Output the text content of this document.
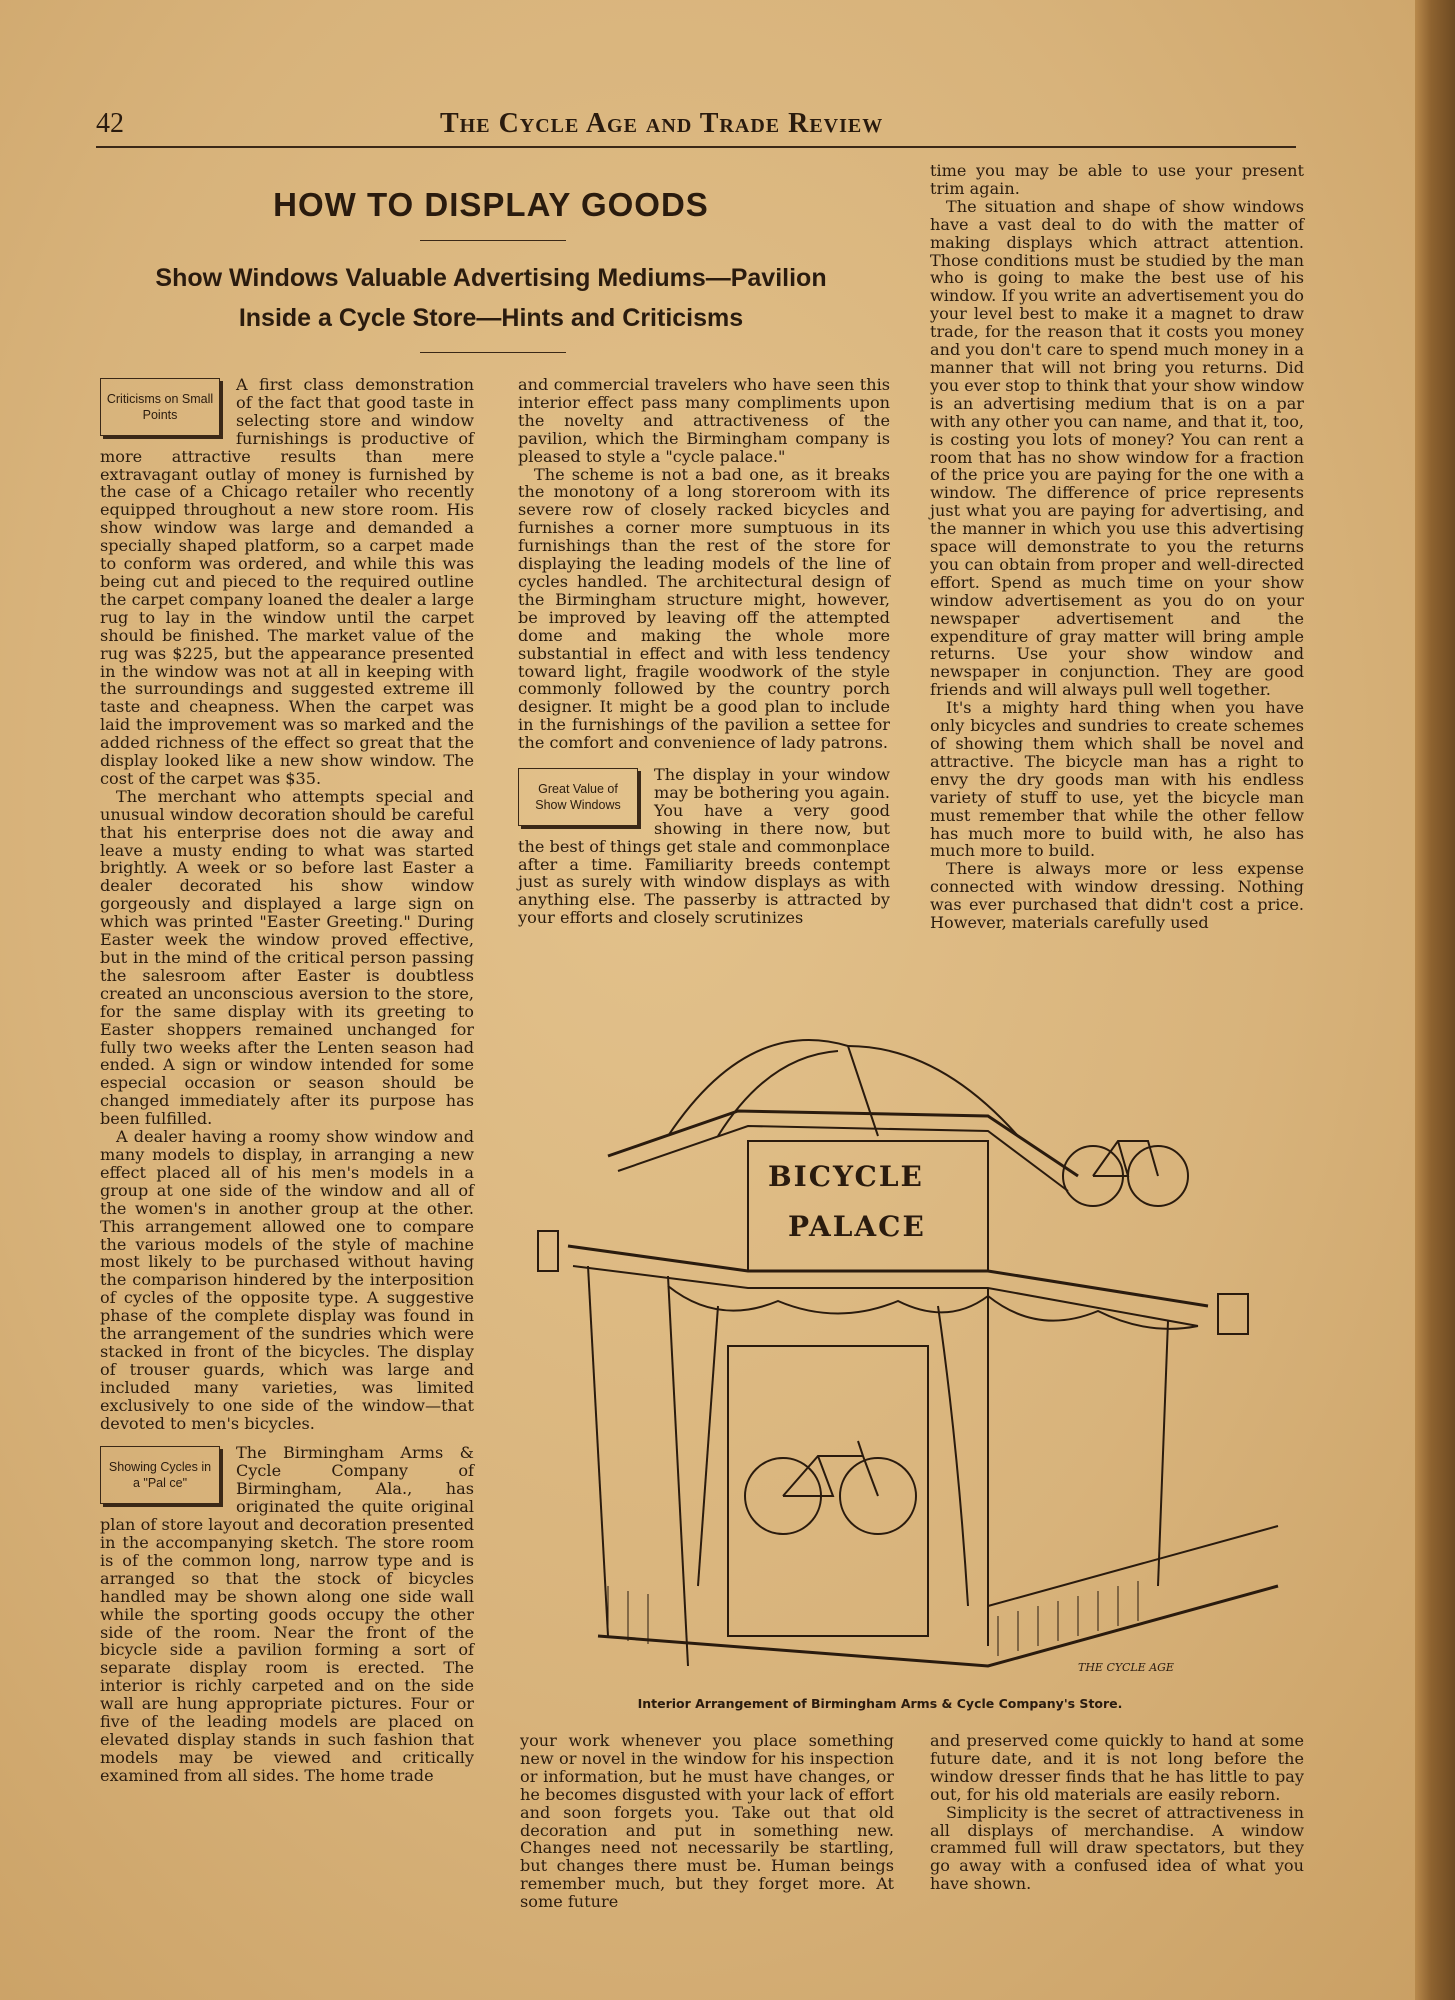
42	The Cycle Age and Trade Review
HOW TO DISPLAY GOODS
Show Windows Valuable Advertising Mediums—Pavilion
Inside a Cycle Store—Hints and Criticisms

Criticisms on Small Points
A first class demonstration of the fact that good taste in selecting store and window furnishings is productive of more attractive results than mere extravagant outlay of money is furnished by the case of a Chicago retailer who recently equipped throughout a new store room. His show window was large and demanded a specially shaped platform, so a carpet made to conform was ordered, and while this was being cut and pieced to the required outline the carpet company loaned the dealer a large rug to lay in the window until the carpet should be finished. The market value of the rug was $225, but the appearance presented in the window was not at all in keeping with the surroundings and suggested extreme ill taste and cheapness. When the carpet was laid the improvement was so marked and the added richness of the effect so great that the display looked like a new show window. The cost of the carpet was $35.

The merchant who attempts special and unusual window decoration should be careful that his enterprise does not die away and leave a musty ending to what was started brightly. A week or so before last Easter a dealer decorated his show window gorgeously and displayed a large sign on which was printed "Easter Greeting." During Easter week the window proved effective, but in the mind of the critical person passing the salesroom after Easter is doubtless created an unconscious aversion to the store, for the same display with its greeting to Easter shoppers remained unchanged for fully two weeks after the Lenten season had ended. A sign or window intended for some especial occasion or season should be changed immediately after its purpose has been fulfilled.

A dealer having a roomy show window and many models to display, in arranging a new effect placed all of his men's models in a group at one side of the window and all of the women's in another group at the other. This arrangement allowed one to compare the various models of the style of machine most likely to be purchased without having the comparison hindered by the interposition of cycles of the opposite type. A suggestive phase of the complete display was found in the arrangement of the sundries which were stacked in front of the bicycles. The display of trouser guards, which was large and included many varieties, was limited exclusively to one side of the window—that devoted to men's bicycles.

Showing Cycles in a "Pal ce"
The Birmingham Arms & Cycle Company of Birmingham, Ala., has originated the quite original plan of store layout and decoration presented in the accompanying sketch. The store room is of the common long, narrow type and is arranged so that the stock of bicycles handled may be shown along one side wall while the sporting goods occupy the other side of the room. Near the front of the bicycle side a pavilion forming a sort of separate display room is erected. The interior is richly carpeted and on the side wall are hung appropriate pictures. Four or five of the leading models are placed on elevated display stands in such fashion that models may be viewed and critically examined from all sides. The home trade

and commercial travelers who have seen this interior effect pass many compliments upon the novelty and attractiveness of the pavilion, which the Birmingham company is pleased to style a "cycle palace."

The scheme is not a bad one, as it breaks the monotony of a long storeroom with its severe row of closely racked bicycles and furnishes a corner more sumptuous in its furnishings than the rest of the store for displaying the leading models of the line of cycles handled. The architectural design of the Birmingham structure might, however, be improved by leaving off the attempted dome and making the whole more substantial in effect and with less tendency toward light, fragile woodwork of the style commonly followed by the country porch designer. It might be a good plan to include in the furnishings of the pavilion a settee for the comfort and convenience of lady patrons.

Great Value of Show Windows
The display in your window may be bothering you again. You have a very good showing in there now, but the best of things get stale and commonplace after a time. Familiarity breeds contempt just as surely with window displays as with anything else. The passerby is attracted by your efforts and closely scrutinizes

time you may be able to use your present trim again.

The situation and shape of show windows have a vast deal to do with the matter of making displays which attract attention. Those conditions must be studied by the man who is going to make the best use of his window. If you write an advertisement you do your level best to make it a magnet to draw trade, for the reason that it costs you money and you don't care to spend much money in a manner that will not bring you returns. Did you ever stop to think that your show window is an advertising medium that is on a par with any other you can name, and that it, too, is costing you lots of money? You can rent a room that has no show window for a fraction of the price you are paying for the one with a window. The difference of price represents just what you are paying for advertising, and the manner in which you use this advertising space will demonstrate to you the returns you can obtain from proper and well-directed effort. Spend as much time on your show window advertisement as you do on your newspaper advertisement and the expenditure of gray matter will bring ample returns. Use your show window and newspaper in conjunction. They are good friends and will always pull well together.

It's a mighty hard thing when you have only bicycles and sundries to create schemes of showing them which shall be novel and attractive. The bicycle man has a right to envy the dry goods man with his endless variety of stuff to use, yet the bicycle man must remember that while the other fellow has much more to build with, he also has much more to build.

There is always more or less expense connected with window dressing. Nothing was ever purchased that didn't cost a price. However, materials carefully used

BICYCLE
PALACE
THE CYCLE AGE
Interior Arrangement of Birmingham Arms & Cycle Company's Store.

your work whenever you place something new or novel in the window for his inspection or information, but he must have changes, or he becomes disgusted with your lack of effort and soon forgets you. Take out that old decoration and put in something new. Changes need not necessarily be startling, but changes there must be. Human beings remember much, but they forget more. At some future

and preserved come quickly to hand at some future date, and it is not long before the window dresser finds that he has little to pay out, for his old materials are easily reborn.

Simplicity is the secret of attractiveness in all displays of merchandise. A window crammed full will draw spectators, but they go away with a confused idea of what you have shown.
